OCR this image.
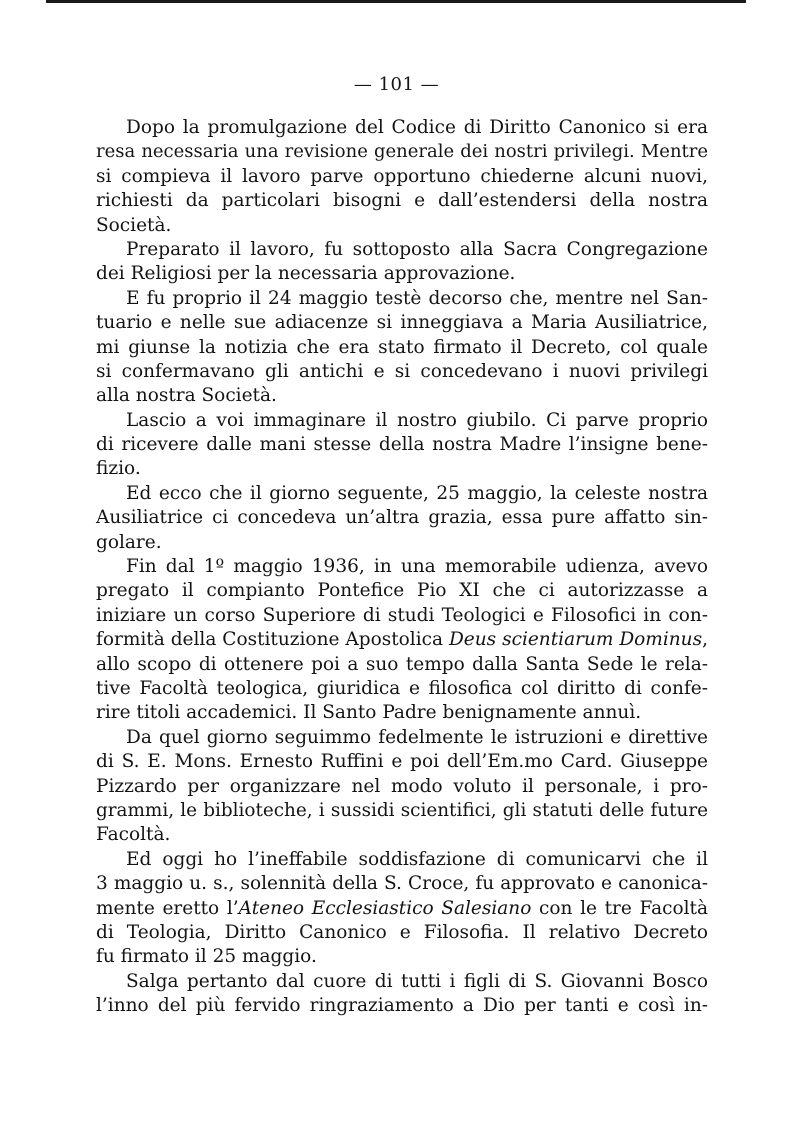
— 101 —
Dopo la promulgazione del Codice di Diritto Canonico si era
resa necessaria una revisione generale dei nostri privilegi. Mentre
si compieva il lavoro parve opportuno chiederne alcuni nuovi,
richiesti da particolari bisogni e dall’estendersi della nostra
Società.
Preparato il lavoro, fu sottoposto alla Sacra Congregazione
dei Religiosi per la necessaria approvazione.
E fu proprio il 24 maggio testè decorso che, mentre nel San-
tuario e nelle sue adiacenze si inneggiava a Maria Ausiliatrice,
mi giunse la notizia che era stato firmato il Decreto, col quale
si confermavano gli antichi e si concedevano i nuovi privilegi
alla nostra Società.
Lascio a voi immaginare il nostro giubilo. Ci parve proprio
di ricevere dalle mani stesse della nostra Madre l’insigne bene-
fizio.
Ed ecco che il giorno seguente, 25 maggio, la celeste nostra
Ausiliatrice ci concedeva un’altra grazia, essa pure affatto sin-
golare.
Fin dal 1º maggio 1936, in una memorabile udienza, avevo
pregato il compianto Pontefice Pio XI che ci autorizzasse a
iniziare un corso Superiore di studi Teologici e Filosofici in con-
formità della Costituzione Apostolica Deus scientiarum Dominus,
allo scopo di ottenere poi a suo tempo dalla Santa Sede le rela-
tive Facoltà teologica, giuridica e filosofica col diritto di confe-
rire titoli accademici. Il Santo Padre benignamente annuì.
Da quel giorno seguimmo fedelmente le istruzioni e direttive
di S. E. Mons. Ernesto Ruffini e poi dell’Em.mo Card. Giuseppe
Pizzardo per organizzare nel modo voluto il personale, i pro-
grammi, le biblioteche, i sussidi scientifici, gli statuti delle future
Facoltà.
Ed oggi ho l’ineffabile soddisfazione di comunicarvi che il
3 maggio u. s., solennità della S. Croce, fu approvato e canonica-
mente eretto l’Ateneo Ecclesiastico Salesiano con le tre Facoltà
di Teologia, Diritto Canonico e Filosofia. Il relativo Decreto
fu firmato il 25 maggio.
Salga pertanto dal cuore di tutti i figli di S. Giovanni Bosco
l’inno del più fervido ringraziamento a Dio per tanti e così in-
